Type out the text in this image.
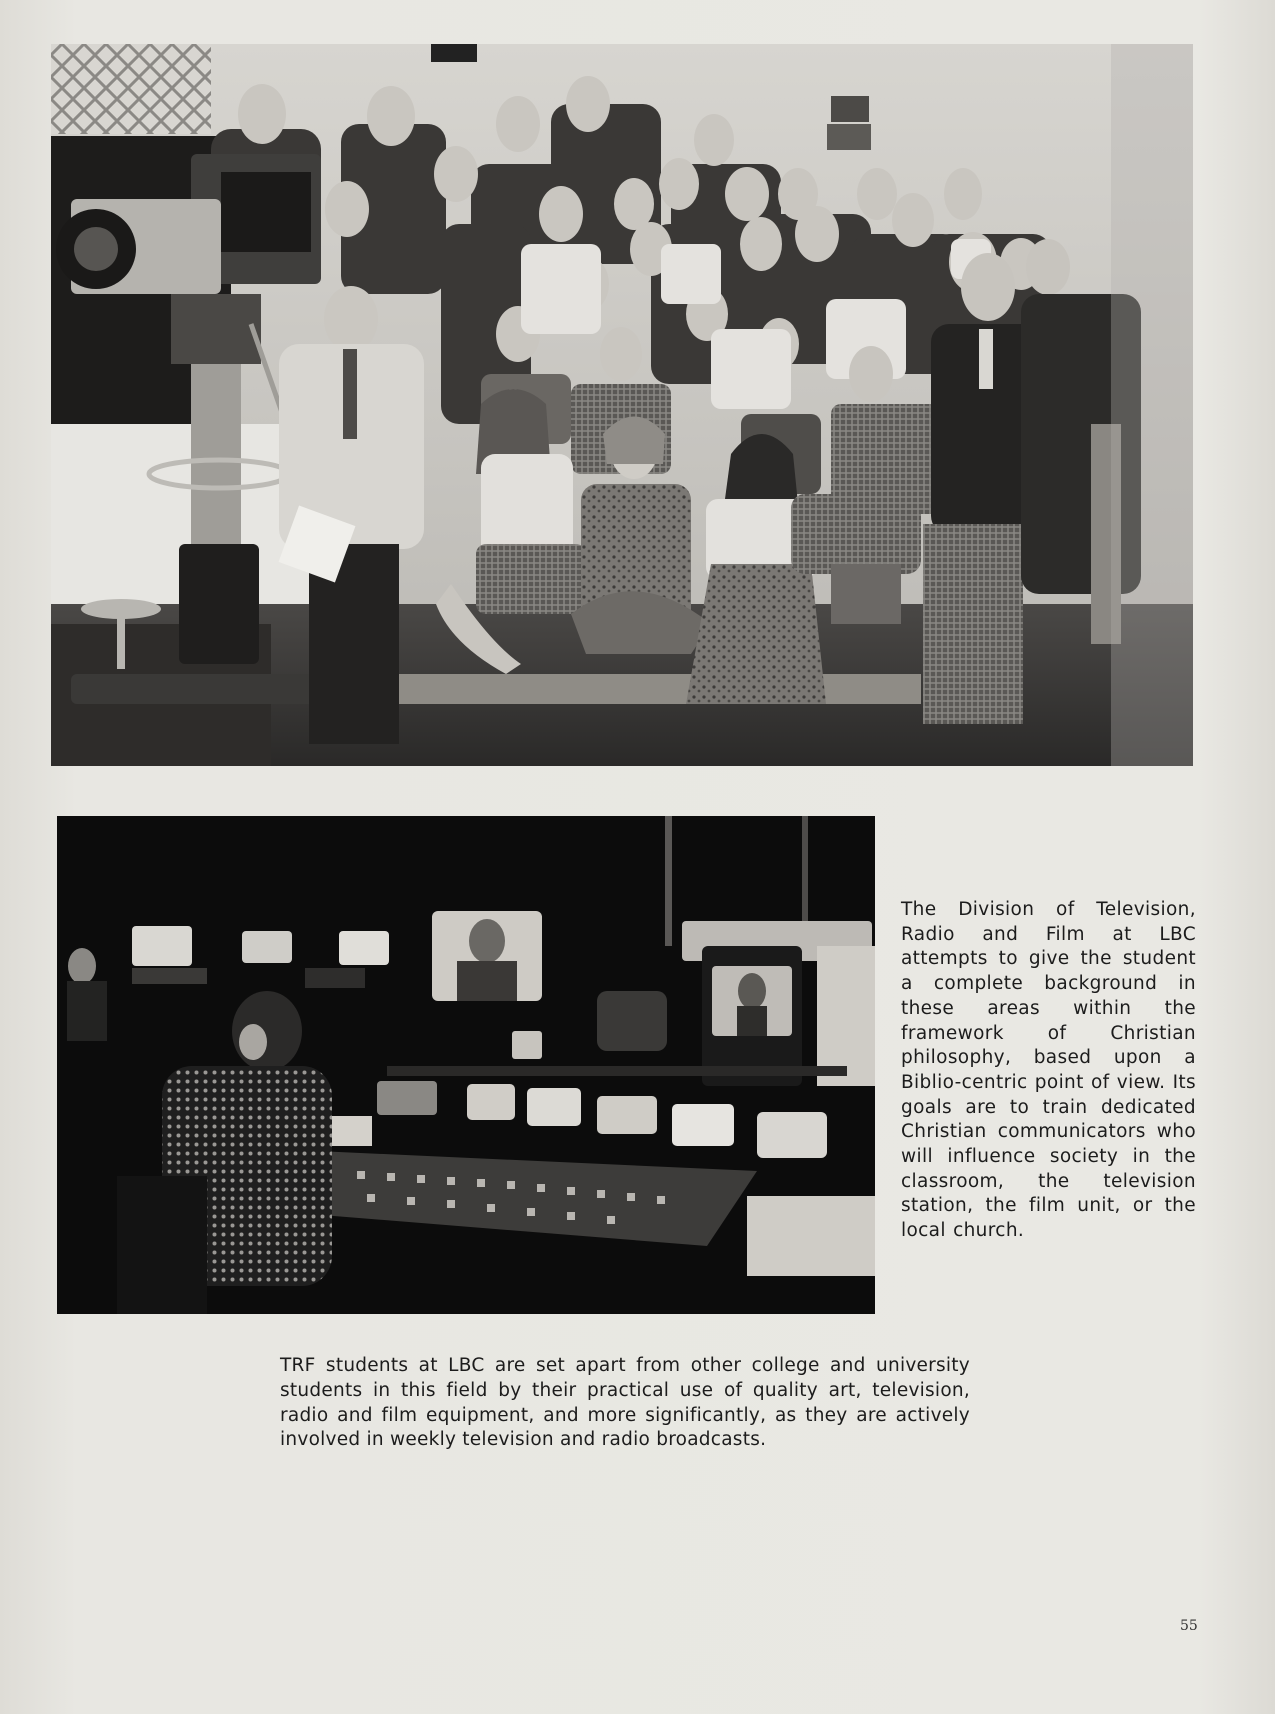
The Division of Television, Radio and Film at LBC attempts to give the student a complete background in these areas within the framework of Christian philosophy, based upon a Biblio-centric point of view. Its goals are to train dedicated Christian communicators who will influence society in the classroom, the television station, the film unit, or the local church.
TRF students at LBC are set apart from other college and university students in this field by their practical use of quality art, television, radio and film equipment, and more significantly, as they are actively involved in weekly television and radio broadcasts.
55
